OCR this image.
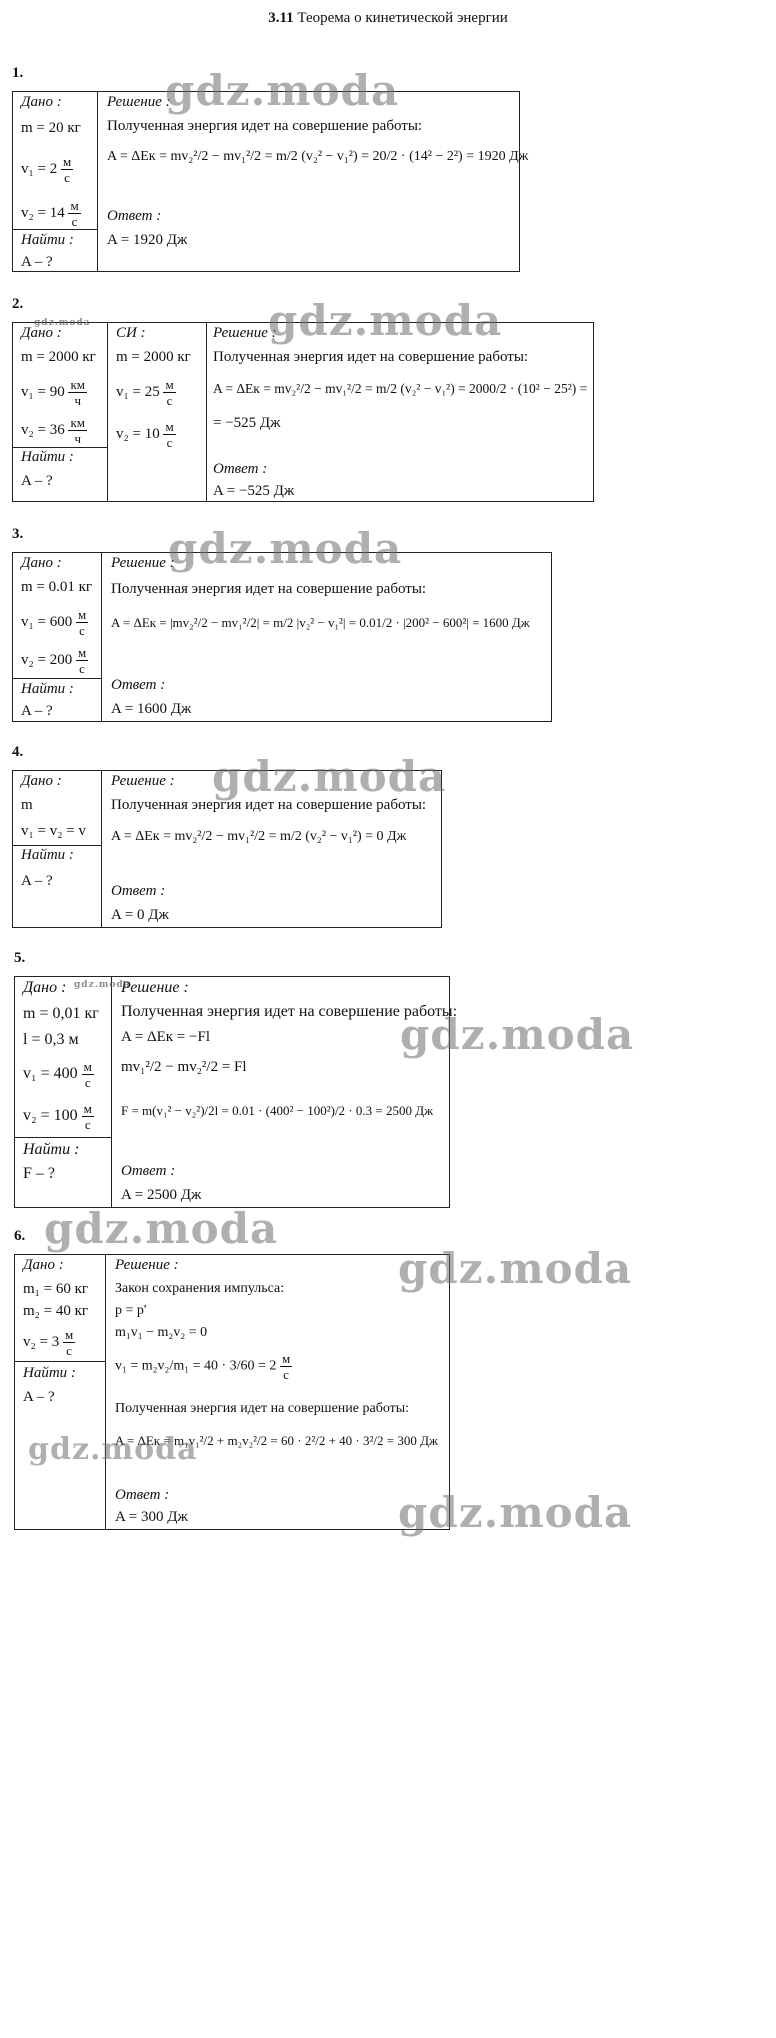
3.11 Теорема о кинетической энергии
1.
Дано :
m = 20 кг
$v_1 = 2 \frac{м}{с}$
$v_2 = 14 \frac{м}{с}$
Найти :
A – ?
Решение :
Полученная энергия идет на совершение работы:
A = ΔEк = mv₂²/2 − mv₁²/2 = m/2 (v₂² − v₁²) = 20/2 · (14² − 2²) = 1920 Дж
Ответ :
A = 1920 Дж
gdz.moda
2.
Дано :
m = 2000 кг
$v_1 = 90 \frac{км}{ч}$
$v_2 = 36 \frac{км}{ч}$
Найти :
A – ?
СИ :
m = 2000 кг
$v_1 = 25 \frac{м}{с}$
$v_2 = 10 \frac{м}{с}$
Решение :
Полученная энергия идет на совершение работы:
A = ΔEк = mv₂²/2 − mv₁²/2 = m/2 (v₂² − v₁²) = 2000/2 · (10² − 25²) =
= −525 Дж
Ответ :
A = −525 Дж
gdz.moda
gdz.moda
3.
Дано :
m = 0.01 кг
$v_1 = 600 \frac{м}{с}$
$v_2 = 200 \frac{м}{с}$
Найти :
A – ?
Решение :
Полученная энергия идет на совершение работы:
A = ΔEк = |mv₂²/2 − mv₁²/2| = m/2 |v₂² − v₁²| = 0.01/2 · |200² − 600²| = 1600 Дж
Ответ :
A = 1600 Дж
gdz.moda
4.
Дано :
m
v₁ = v₂ = v
Найти :
A – ?
Решение :
Полученная энергия идет на совершение работы:
A = ΔEк = mv₂²/2 − mv₁²/2 = m/2 (v₂² − v₁²) = 0 Дж
Ответ :
A = 0 Дж
gdz.moda
5.
Дано :
m = 0,01 кг
l = 0,3 м
$v_1 = 400 \frac{м}{с}$
$v_2 = 100 \frac{м}{с}$
Найти :
F – ?
Решение :
Полученная энергия идет на совершение работы:
A = ΔEк = −Fl
mv₁²/2 − mv₂²/2 = Fl
F = m(v₁² − v₂²)/2l = 0.01 · (400² − 100²)/2 · 0.3 = 2500 Дж
Ответ :
A = 2500 Дж
gdz.moda
gdz.moda
6. gdz.moda
Дано :
m₁ = 60 кг
m₂ = 40 кг
$v_2 = 3 \frac{м}{с}$
Найти :
A – ?
Решение :
Закон сохранения импульса:
p = p'
m₁v₁ − m₂v₂ = 0
$v_1 = m_2v_2/m_1 = 40 \cdot 3/60 = 2 \frac{м}{с}$
Полученная энергия идет на совершение работы:
A = ΔEк = m₁v₁²/2 + m₂v₂²/2 = 60 · 2²/2 + 40 · 3²/2 = 300 Дж
Ответ :
A = 300 Дж
gdz.moda
gdz.moda
gdz.moda
